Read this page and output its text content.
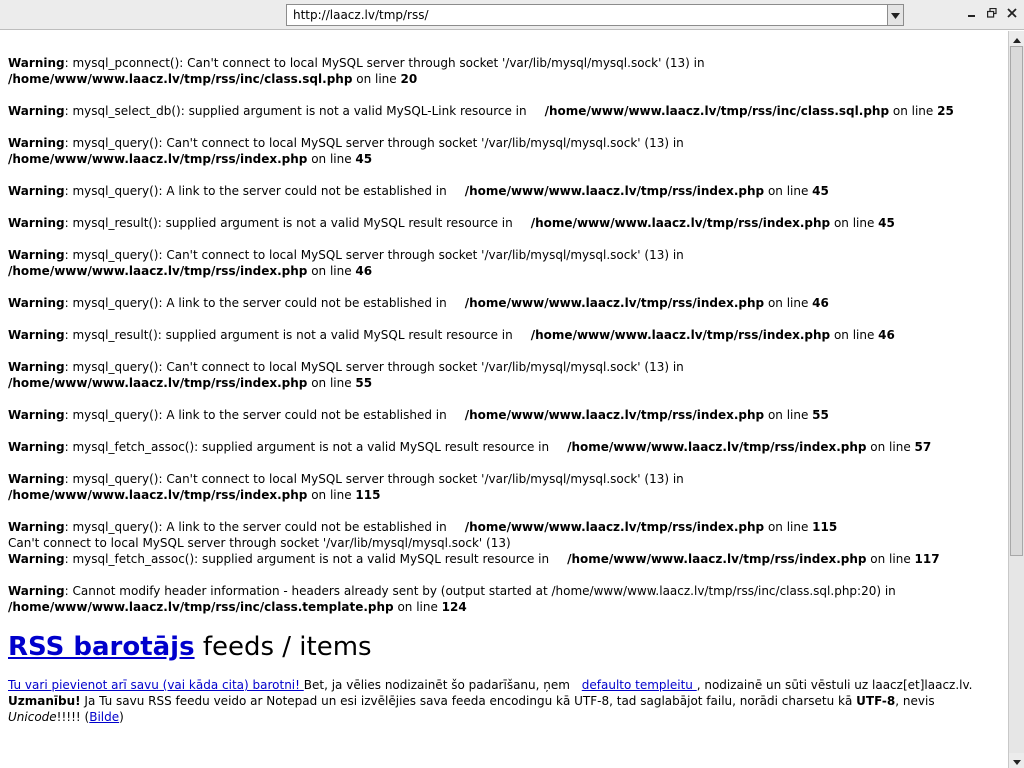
http://laacz.lv/tmp/rss/
Warning: mysql_pconnect(): Can't connect to local MySQL server through socket '/var/lib/mysql/mysql.sock' (13) in/home/www/www.laacz.lv/tmp/rss/inc/class.sql.php on line 20
Warning: mysql_select_db(): supplied argument is not a valid MySQL-Link resource in /home/www/www.laacz.lv/tmp/rss/inc/class.sql.php on line 25
Warning: mysql_query(): Can't connect to local MySQL server through socket '/var/lib/mysql/mysql.sock' (13) in/home/www/www.laacz.lv/tmp/rss/index.php on line 45
Warning: mysql_query(): A link to the server could not be established in /home/www/www.laacz.lv/tmp/rss/index.php on line 45
Warning: mysql_result(): supplied argument is not a valid MySQL result resource in /home/www/www.laacz.lv/tmp/rss/index.php on line 45
Warning: mysql_query(): Can't connect to local MySQL server through socket '/var/lib/mysql/mysql.sock' (13) in/home/www/www.laacz.lv/tmp/rss/index.php on line 46
Warning: mysql_query(): A link to the server could not be established in /home/www/www.laacz.lv/tmp/rss/index.php on line 46
Warning: mysql_result(): supplied argument is not a valid MySQL result resource in /home/www/www.laacz.lv/tmp/rss/index.php on line 46
Warning: mysql_query(): Can't connect to local MySQL server through socket '/var/lib/mysql/mysql.sock' (13) in/home/www/www.laacz.lv/tmp/rss/index.php on line 55
Warning: mysql_query(): A link to the server could not be established in /home/www/www.laacz.lv/tmp/rss/index.php on line 55
Warning: mysql_fetch_assoc(): supplied argument is not a valid MySQL result resource in /home/www/www.laacz.lv/tmp/rss/index.php on line 57
Warning: mysql_query(): Can't connect to local MySQL server through socket '/var/lib/mysql/mysql.sock' (13) in/home/www/www.laacz.lv/tmp/rss/index.php on line 115
Warning: mysql_query(): A link to the server could not be established in /home/www/www.laacz.lv/tmp/rss/index.php on line 115

Can't connect to local MySQL server through socket '/var/lib/mysql/mysql.sock' (13)

Warning: mysql_fetch_assoc(): supplied argument is not a valid MySQL result resource in /home/www/www.laacz.lv/tmp/rss/index.php on line 117
Warning: Cannot modify header information - headers already sent by (output started at /home/www/www.laacz.lv/tmp/rss/inc/class.sql.php:20) in /home/www/www.laacz.lv/tmp/rss/inc/class.template.php on line 124
RSS barotājs feeds / items

Tu vari pievienot arī savu (vai kāda cita) barotni! Bet, ja vēlies nodizainēt šo padarīšanu, ņem defaulto templeitu , nodizainē un sūti vēstuli uz laacz[et]laacz.lv.
Uzmanību! Ja Tu savu RSS feedu veido ar Notepad un esi izvēlējies sava feeda encodingu kā UTF-8, tad saglabājot failu, norādi charsetu kā UTF-8, nevis Unicode!!!!! (Bilde)
